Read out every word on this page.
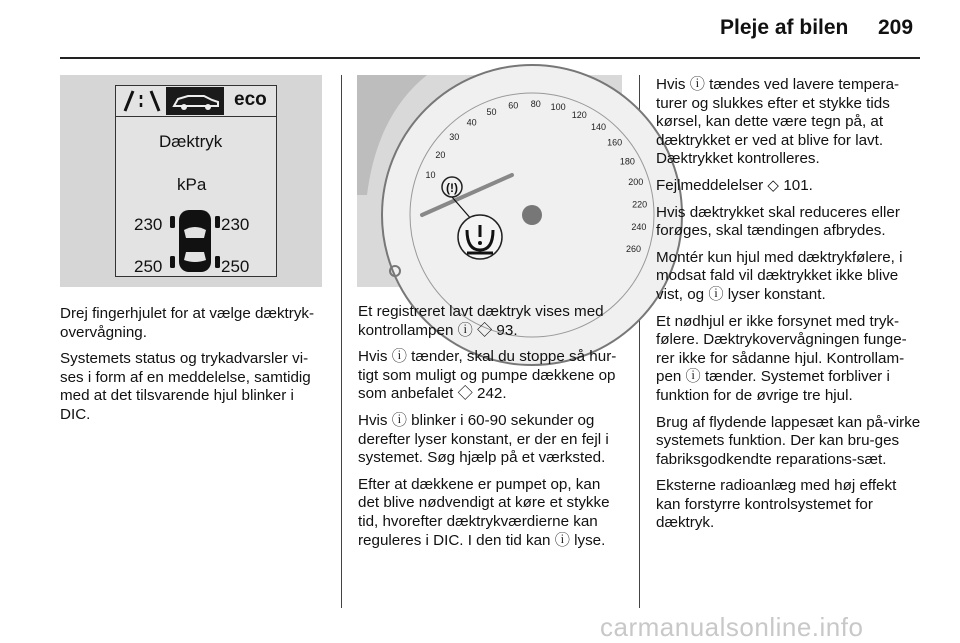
Pleje af bilen 209
eco
Dæktryk
kPa
230	230
250	250
10
20
30
40
50
60 80 100
120
140
160
180
200
220
240
260
(!)

Drej fingerhjulet for at vælge dæktryk-overvågning.

Systemets status og trykadvarsler vi-ses i form af en meddelelse, samtidig med at det tilsvarende hjul blinker i DIC.

Et registreret lavt dæktryk vises med kontrollampen ⓘ ◇ 93.

Hvis ⓘ tænder, skal du stoppe så hur-tigt som muligt og pumpe dækkene op som anbefalet ◇ 242.

Hvis ⓘ blinker i 60-90 sekunder og derefter lyser konstant, er der en fejl i systemet. Søg hjælp på et værksted.

Efter at dækkene er pumpet op, kan det blive nødvendigt at køre et stykke tid, hvorefter dæktrykværdierne kan reguleres i DIC. I den tid kan ⓘ lyse.

Hvis ⓘ tændes ved lavere tempera-turer og slukkes efter et stykke tids kørsel, kan dette være tegn på, at dæktrykket er ved at blive for lavt. Dæktrykket kontrolleres.

Fejlmeddelelser ◇ 101.

Hvis dæktrykket skal reduceres eller forøges, skal tændingen afbrydes.

Montér kun hjul med dæktrykfølere, i modsat fald vil dæktrykket ikke blive vist, og ⓘ lyser konstant.

Et nødhjul er ikke forsynet med tryk-følere. Dæktrykovervågningen funge-rer ikke for sådanne hjul. Kontrollam-pen ⓘ tænder. Systemet forbliver i funktion for de øvrige tre hjul.

Brug af flydende lappesæt kan på-virke systemets funktion. Der kan bru-ges fabriksgodkendte reparations-sæt.

Eksterne radioanlæg med høj effekt kan forstyrre kontrolsystemet for dæktryk.

carmanualsonline.info
